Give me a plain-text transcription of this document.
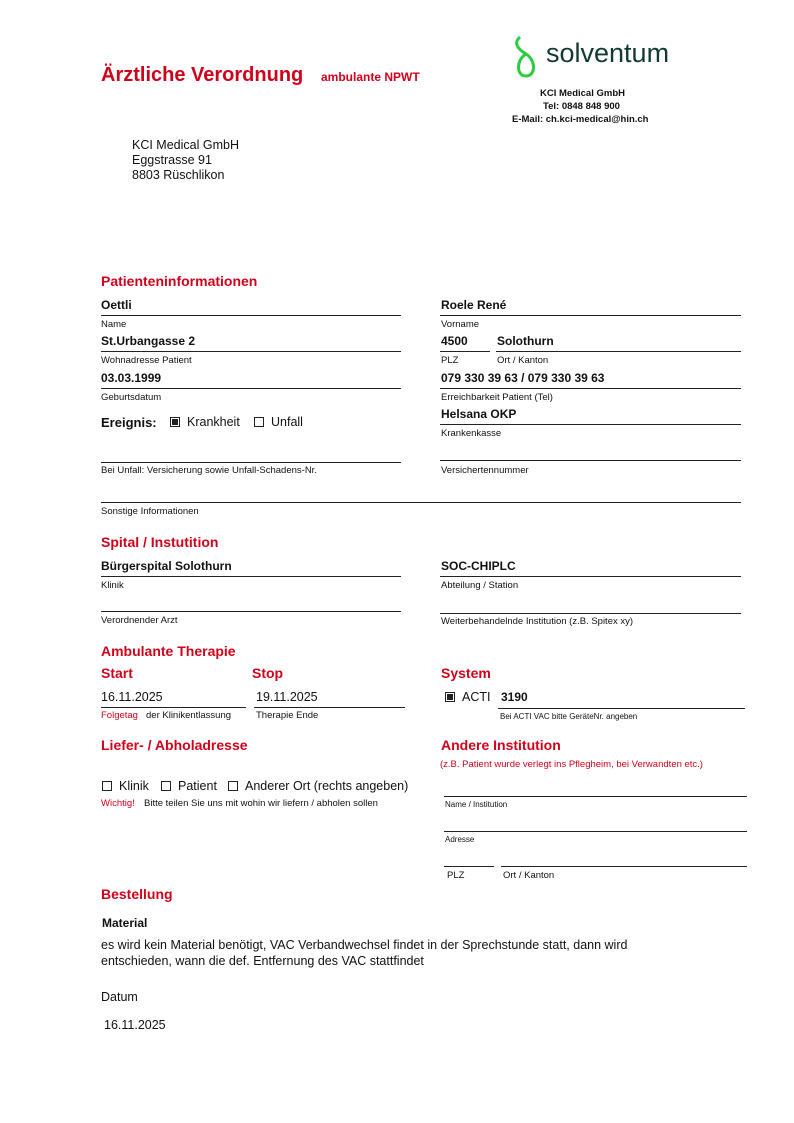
Ärztliche Verordnung ambulante NPWT
solventum
KCI Medical GmbH
Tel: 0848 848 900
E-Mail: ch.kci-medical@hin.ch
KCI Medical GmbH
Eggstrasse 91
8803 Rüschlikon
Patienteninformationen
Oettli
Name
Roele René
Vorname
St.Urbangasse 2
Wohnadresse Patient
4500
PLZ
Solothurn
Ort / Kanton
03.03.1999
Geburtsdatum
079 330 39 63 / 079 330 39 63
Erreichbarkeit Patient (Tel)
Ereignis: Krankheit Unfall
Helsana OKP
Krankenkasse
Bei Unfall: Versicherung sowie Unfall-Schadens-Nr.	Versichertennummer
Sonstige Informationen
Spital / Instutition
Bürgerspital Solothurn
Klinik
SOC-CHIPLC
Abteilung / Station
Verordnender Arzt	Weiterbehandelnde Institution (z.B. Spitex xy)
Ambulante Therapie
Start	Stop	System
16.11.2025
Folgetag der Klinikentlassung
19.11.2025
Therapie Ende
ACTI 3190
Bei ACTI VAC bitte GeräteNr. angeben
Liefer- / Abholadresse
Klinik Patient Anderer Ort (rechts angeben)
Wichtig! Bitte teilen Sie uns mit wohin wir liefern / abholen sollen
Andere Institution
(z.B. Patient wurde verlegt ins Pflegheim, bei Verwandten etc.)
Name / Institution
Adresse
PLZ	Ort / Kanton
Bestellung
Material
es wird kein Material benötigt, VAC Verbandwechsel findet in der Sprechstunde statt, dann wird
entschieden, wann die def. Entfernung des VAC stattfindet
Datum
16.11.2025
